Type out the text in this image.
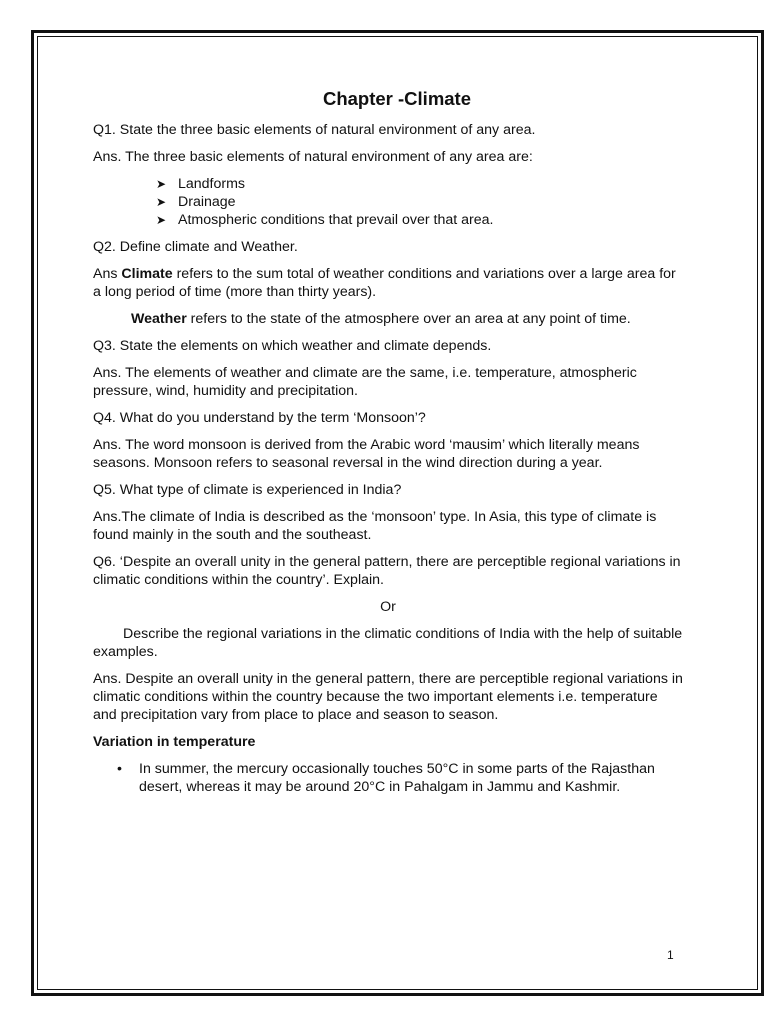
Chapter -Climate

Q1. State the three basic elements of natural environment of any area.

Ans. The three basic elements of natural environment of any area are:

➤ Landforms
➤ Drainage
➤ Atmospheric conditions that prevail over that area.

Q2. Define climate and Weather.

Ans Climate refers to the sum total of weather conditions and variations over a large area for a long period of time (more than thirty years).

Weather refers to the state of the atmosphere over an area at any point of time.

Q3. State the elements on which weather and climate depends.

Ans. The elements of weather and climate are the same, i.e. temperature, atmospheric pressure, wind, humidity and precipitation.

Q4. What do you understand by the term ‘Monsoon’?

Ans. The word monsoon is derived from the Arabic word ‘mausim’ which literally means seasons. Monsoon refers to seasonal reversal in the wind direction during a year.

Q5. What type of climate is experienced in India?

Ans.The climate of India is described as the ‘monsoon’ type. In Asia, this type of climate is found mainly in the south and the southeast.

Q6. ‘Despite an overall unity in the general pattern, there are perceptible regional variations in climatic conditions within the country’. Explain.

Or

Describe the regional variations in the climatic conditions of India with the help of suitable examples.

Ans. Despite an overall unity in the general pattern, there are perceptible regional variations in climatic conditions within the country because the two important elements i.e. temperature and precipitation vary from place to place and season to season.

Variation in temperature

• In summer, the mercury occasionally touches 50°C in some parts of the Rajasthan desert, whereas it may be around 20°C in Pahalgam in Jammu and Kashmir.
1
